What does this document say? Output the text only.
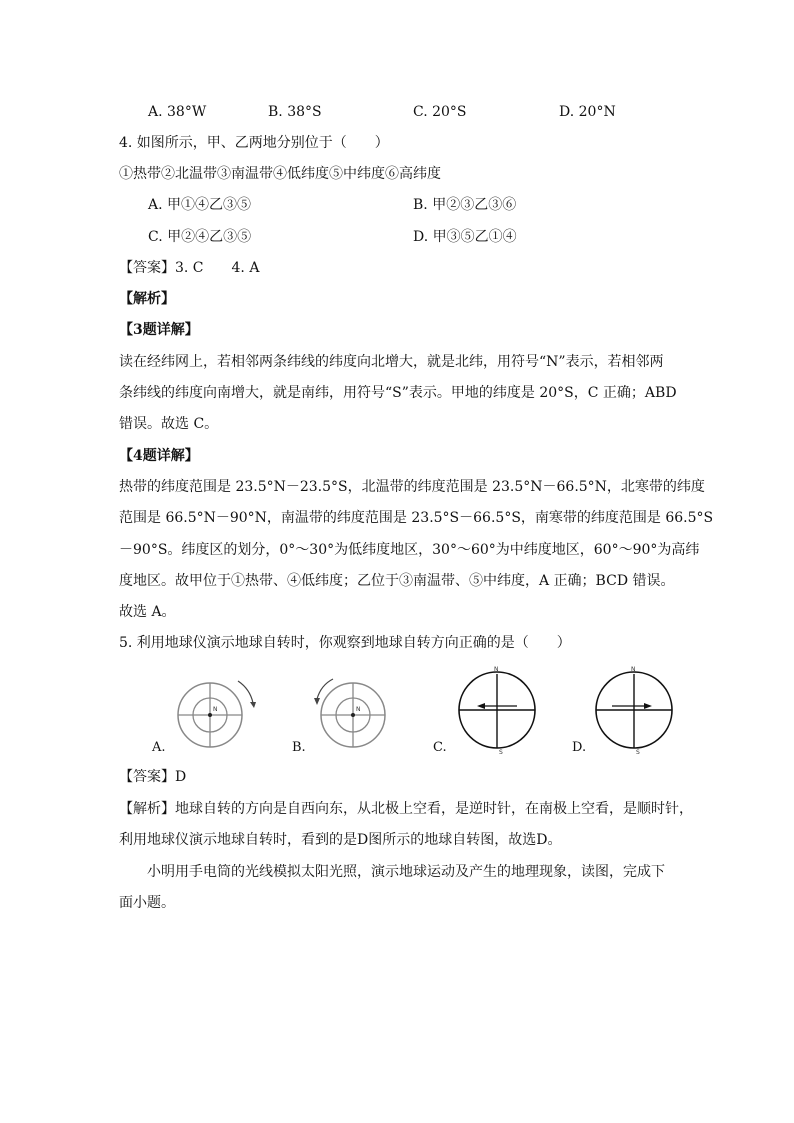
A. 38°W	B. 38°S	C. 20°S	D. 20°N
4. 如图所示，甲、乙两地分别位于（　　）
①热带②北温带③南温带④低纬度⑤中纬度⑥高纬度
A. 甲①④乙③⑤	B. 甲②③乙③⑥
C. 甲②④乙③⑤	D. 甲③⑤乙①④
【答案】3. C　　4. A
【解析】
【3题详解】
读在经纬网上，若相邻两条纬线的纬度向北增大，就是北纬，用符号“N”表示，若相邻两
条纬线的纬度向南增大，就是南纬，用符号“S”表示。甲地的纬度是 20°S，C 正确；ABD
错误。故选 C。
【4题详解】
热带的纬度范围是 23.5°N－23.5°S，北温带的纬度范围是 23.5°N－66.5°N，北寒带的纬度
范围是 66.5°N－90°N，南温带的纬度范围是 23.5°S－66.5°S，南寒带的纬度范围是 66.5°S
－90°S。纬度区的划分，0°～30°为低纬度地区，30°～60°为中纬度地区，60°～90°为高纬
度地区。故甲位于①热带、④低纬度；乙位于③南温带、⑤中纬度，A 正确；BCD 错误。
故选 A。
5. 利用地球仪演示地球自转时，你观察到地球自转方向正确的是（　　）
N
A.
N
B.
N
S
C.
N
S
D.
【答案】D
【解析】地球自转的方向是自西向东，从北极上空看，是逆时针，在南极上空看，是顺时针，
利用地球仪演示地球自转时，看到的是D图所示的地球自转图，故选D。
小明用手电筒的光线模拟太阳光照，演示地球运动及产生的地理现象，读图，完成下
面小题。
